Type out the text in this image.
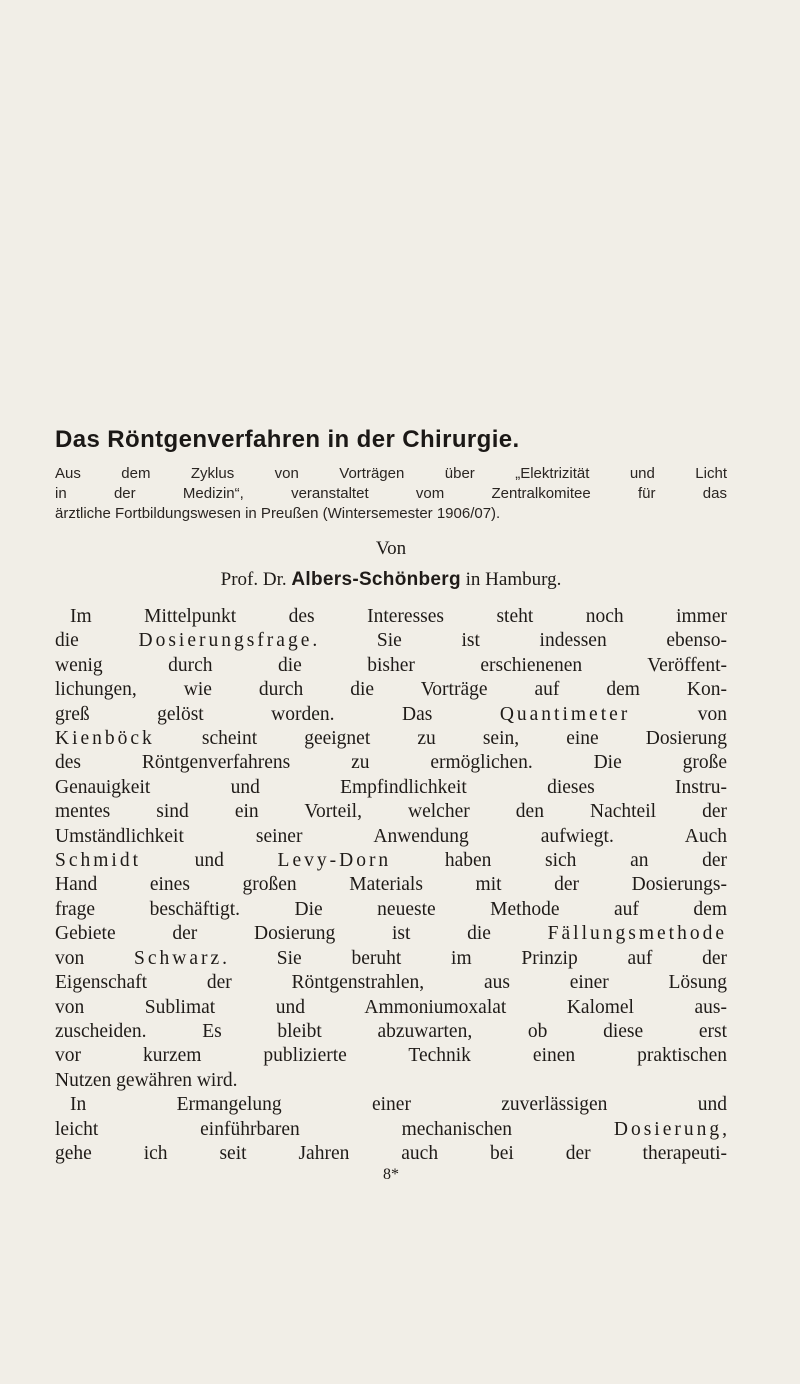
Das Röntgenverfahren in der Chirurgie.
Aus dem Zyklus von Vorträgen über „Elektrizität und Licht
in der Medizin“, veranstaltet vom Zentralkomitee für das
ärztliche Fortbildungswesen in Preußen (Wintersemester 1906/07).

Von

Prof. Dr. Albers-Schönberg in Hamburg.

Im Mittelpunkt des Interesses steht noch immer
die Dosierungsfrage. Sie ist indessen ebenso-
wenig durch die bisher erschienenen Veröffent-
lichungen, wie durch die Vorträge auf dem Kon-
greß gelöst worden. Das Quantimeter von
Kienböck scheint geeignet zu sein, eine Dosierung
des Röntgenverfahrens zu ermöglichen. Die große
Genauigkeit und Empfindlichkeit dieses Instru-
mentes sind ein Vorteil, welcher den Nachteil der
Umständlichkeit seiner Anwendung aufwiegt. Auch
Schmidt und Levy-Dorn haben sich an der
Hand eines großen Materials mit der Dosierungs-
frage beschäftigt. Die neueste Methode auf dem
Gebiete der Dosierung ist die Fällungsmethode
von Schwarz. Sie beruht im Prinzip auf der
Eigenschaft der Röntgenstrahlen, aus einer Lösung
von Sublimat und Ammoniumoxalat Kalomel aus-
zuscheiden. Es bleibt abzuwarten, ob diese erst
vor kurzem publizierte Technik einen praktischen
Nutzen gewähren wird.
In Ermangelung einer zuverlässigen und
leicht einführbaren mechanischen Dosierung,
gehe ich seit Jahren auch bei der therapeuti-

8*
